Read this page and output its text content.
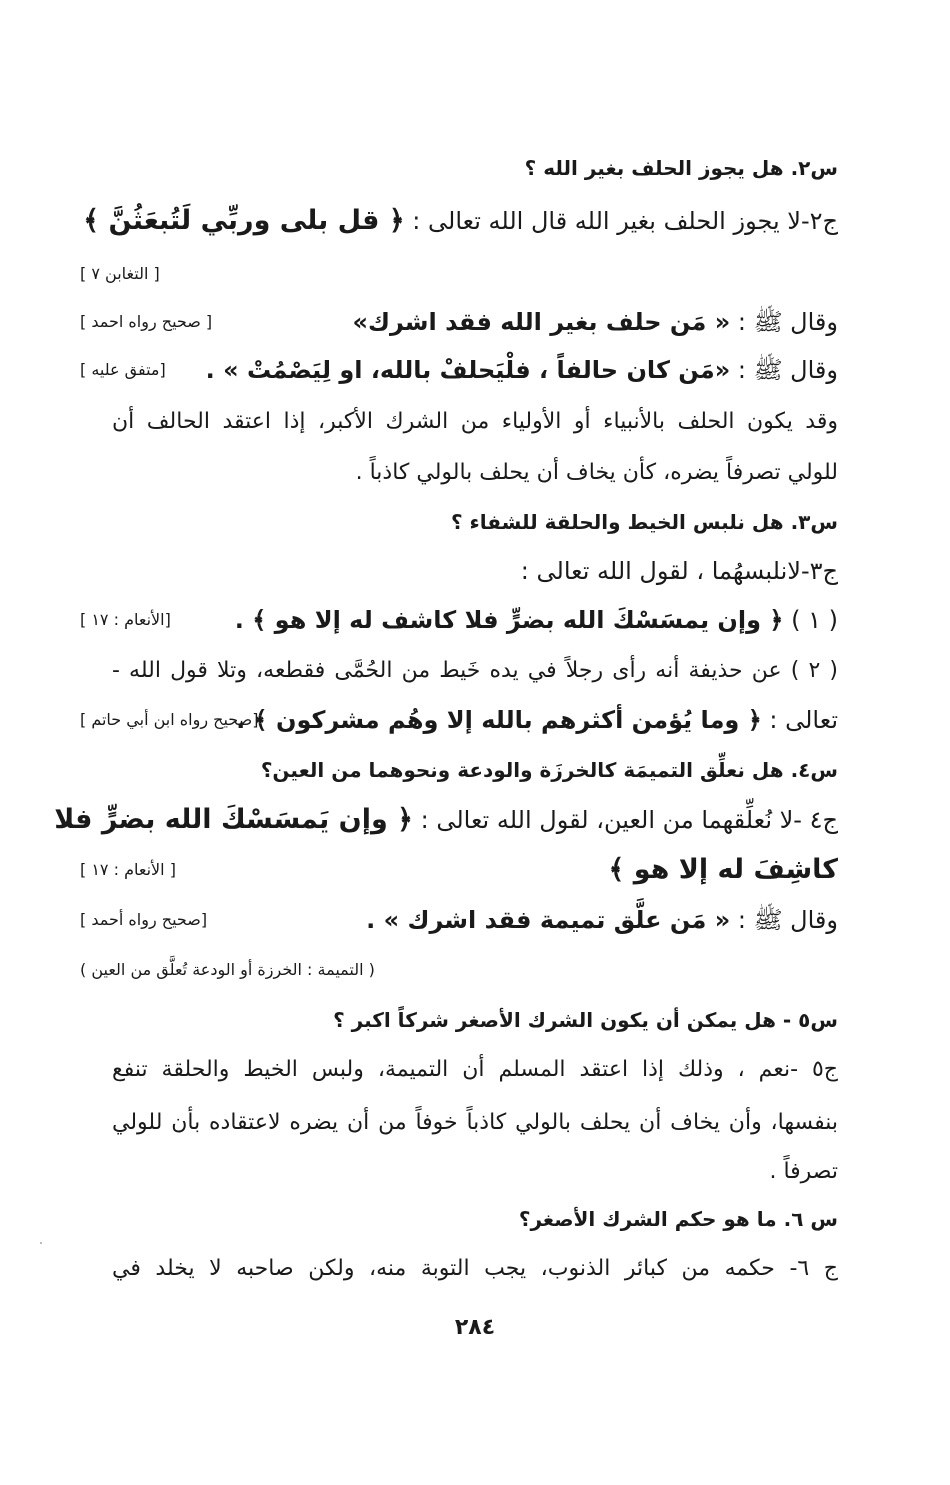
س٢. هل يجوز الحلف بغير الله ؟
ج٢-لا يجوز الحلف بغير الله قال الله تعالى : ﴿ قل بلى وربِّي لَتُبعَثُنَّ ﴾
[ التغابن ٧ ]
وقال ﷺ : « مَن حلف بغير الله فقد اشرك»
[ صحيح رواه احمد ]
وقال ﷺ : «مَن كان حالفاً ، فلْيَحلفْ بالله، او لِيَصْمُتْ » .
[متفق عليه ]
وقد يكون الحلف بالأنبياء أو الأولياء من الشرك الأكبر، إذا اعتقد الحالف أن
للولي تصرفاً يضره، كأن يخاف أن يحلف بالولي كاذباً .
س٣. هل نلبس الخيط والحلقة للشفاء ؟
ج٣-لانلبسهُما ، لقول الله تعالى :
( ١ ) ﴿ وإن يمسَسْكَ الله بضرٍّ فلا كاشف له إلا هو ﴾ .
[الأنعام : ١٧ ]
( ٢ ) عن حذيفة أنه رأى رجلاً في يده خَيط من الحُمَّى فقطعه، وتلا قول الله -
تعالى : ﴿ وما يُؤمن أكثرهم بالله إلا وهُم مشركون ﴾ .
[صحيح رواه ابن أبي حاتم ]
س٤. هل نعلِّق التميمَة كالخرزَة والودعة ونحوهما من العين؟
ج٤ -لا نُعلِّقهما من العين، لقول الله تعالى : ﴿ وإن يَمسَسْكَ الله بضرٍّ فلا
كاشِفَ له إلا هو ﴾
[ الأنعام : ١٧ ]
وقال ﷺ : « مَن علَّق تميمة فقد اشرك » .
[صحيح رواه أحمد ]
( التميمة : الخرزة أو الودعة تُعلَّق من العين )
س٥ - هل يمكن أن يكون الشرك الأصغر شركاً اكبر ؟
ج٥ -نعم ، وذلك إذا اعتقد المسلم أن التميمة، ولبس الخيط والحلقة تنفع
بنفسها، وأن يخاف أن يحلف بالولي كاذباً خوفاً من أن يضره لاعتقاده بأن للولي
تصرفاً .
س ٦. ما هو حكم الشرك الأصغر؟
ج ٦- حكمه من كبائر الذنوب، يجب التوبة منه، ولكن صاحبه لا يخلد في
٢٨٤
